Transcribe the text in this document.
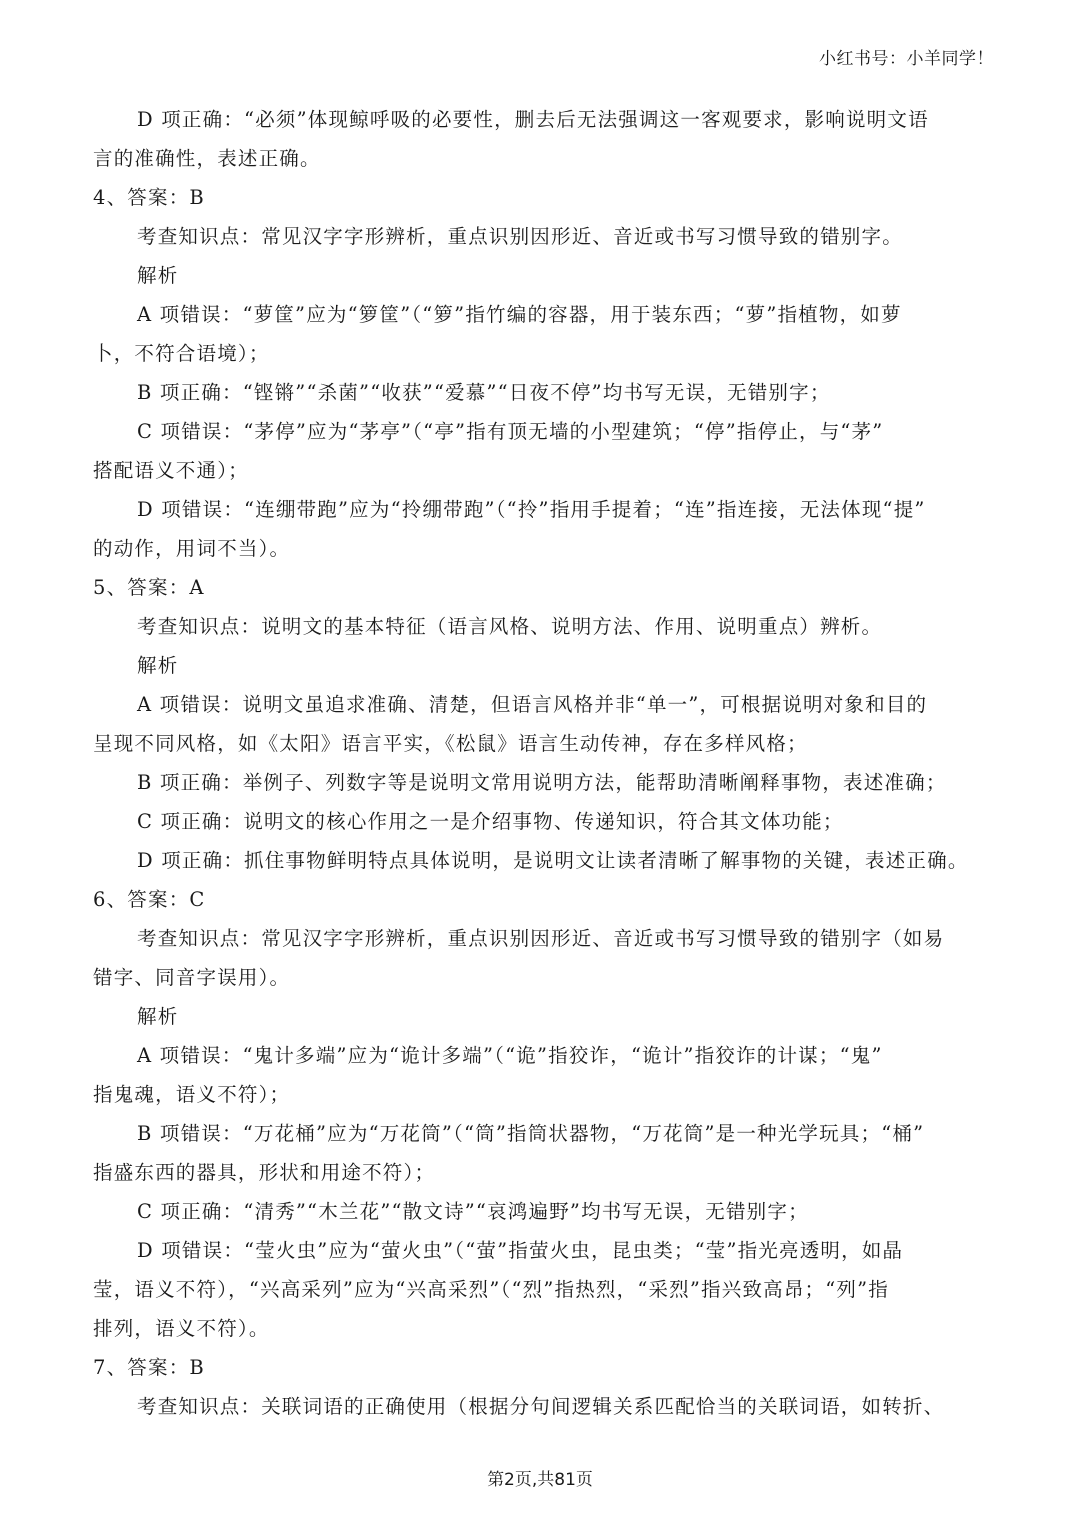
小红书号：小羊同学！
D 项正确：“必须”体现鲸呼吸的必要性，删去后无法强调这一客观要求，影响说明文语
言的准确性，表述正确。
4、答案：B
考查知识点：常见汉字字形辨析，重点识别因形近、音近或书写习惯导致的错别字。
解析
A 项错误：“萝筐”应为“箩筐”（“箩”指竹编的容器，用于装东西；“萝”指植物，如萝
卜，不符合语境）；
B 项正确：“铿锵”“杀菌”“收获”“爱慕”“日夜不停”均书写无误，无错别字；
C 项错误：“茅停”应为“茅亭”（“亭”指有顶无墙的小型建筑；“停”指停止，与“茅”
搭配语义不通）；
D 项错误：“连绷带跑”应为“拎绷带跑”（“拎”指用手提着；“连”指连接，无法体现“提”
的动作，用词不当）。
5、答案：A
考查知识点：说明文的基本特征（语言风格、说明方法、作用、说明重点）辨析。
解析
A 项错误：说明文虽追求准确、清楚，但语言风格并非“单一”，可根据说明对象和目的
呈现不同风格，如《太阳》语言平实，《松鼠》语言生动传神，存在多样风格；
B 项正确：举例子、列数字等是说明文常用说明方法，能帮助清晰阐释事物，表述准确；
C 项正确：说明文的核心作用之一是介绍事物、传递知识，符合其文体功能；
D 项正确：抓住事物鲜明特点具体说明，是说明文让读者清晰了解事物的关键，表述正确。
6、答案：C
考查知识点：常见汉字字形辨析，重点识别因形近、音近或书写习惯导致的错别字（如易
错字、同音字误用）。
解析
A 项错误：“鬼计多端”应为“诡计多端”（“诡”指狡诈，“诡计”指狡诈的计谋；“鬼”
指鬼魂，语义不符）；
B 项错误：“万花桶”应为“万花筒”（“筒”指筒状器物，“万花筒”是一种光学玩具；“桶”
指盛东西的器具，形状和用途不符）；
C 项正确：“清秀”“木兰花”“散文诗”“哀鸿遍野”均书写无误，无错别字；
D 项错误：“莹火虫”应为“萤火虫”（“萤”指萤火虫，昆虫类；“莹”指光亮透明，如晶
莹，语义不符），“兴高采列”应为“兴高采烈”（“烈”指热烈，“采烈”指兴致高昂；“列”指
排列，语义不符）。
7、答案：B
考查知识点：关联词语的正确使用（根据分句间逻辑关系匹配恰当的关联词语，如转折、
第2页,共81页
